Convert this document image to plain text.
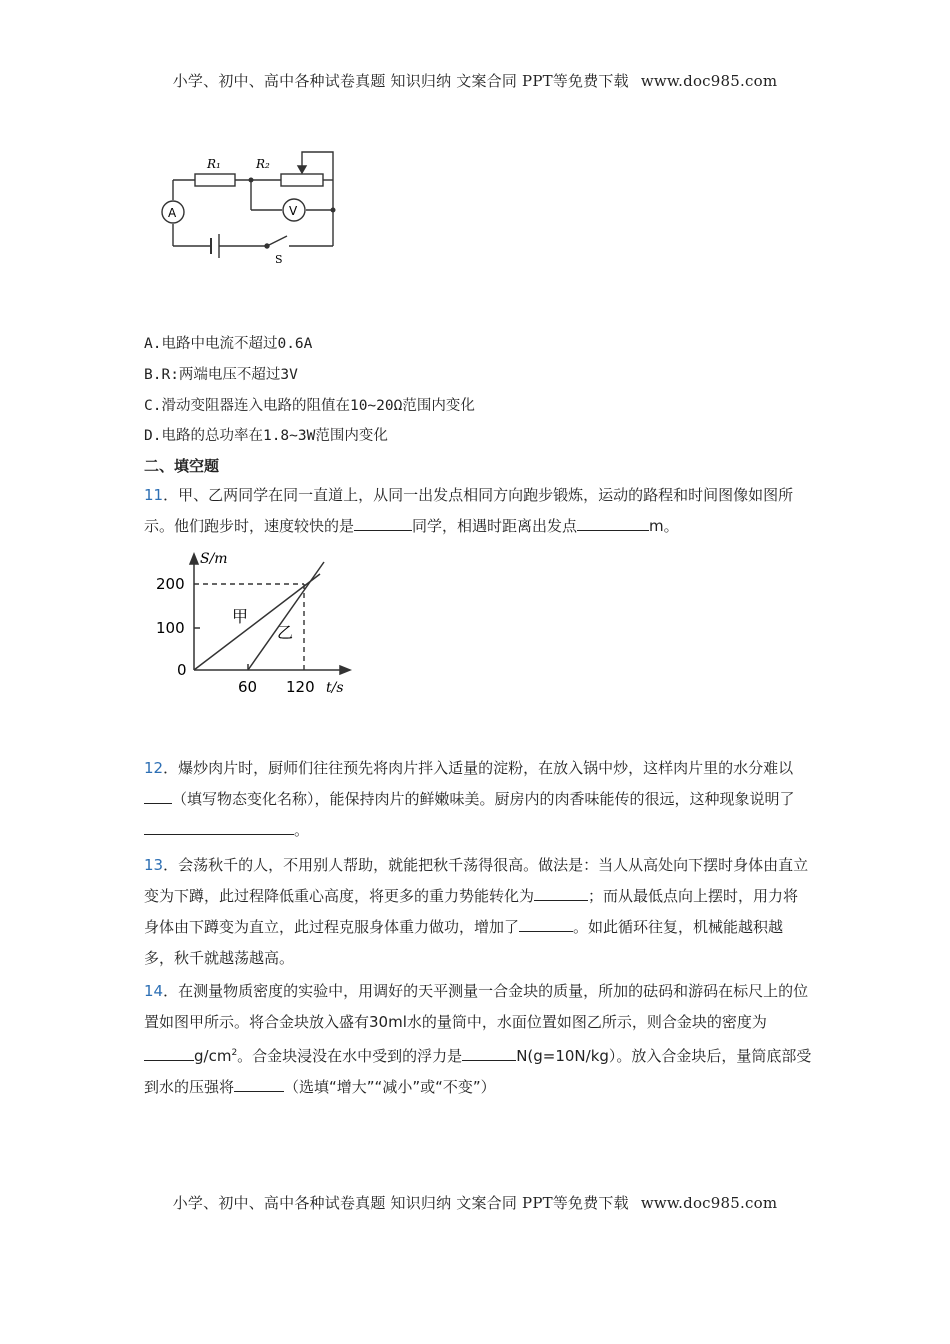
小学、初中、高中各种试卷真题 知识归纳 文案合同 PPT等免费下载 www.doc985.com
R₁	R₂
A	V
S
A.电路中电流不超过0.6A
B.R:两端电压不超过3V
C.滑动变阻器连入电路的阻值在10~20Ω范围内变化
D.电路的总功率在1.8~3W范围内变化
二、填空题
11．甲、乙两同学在同一直道上，从同一出发点相同方向跑步锻炼，运动的路程和时间图像如图所示。他们跑步时，速度较快的是	同学，相遇时距离出发点	m。
S/m
t/s
200
100
0
60 120
甲
乙
12．爆炒肉片时，厨师们往往预先将肉片拌入适量的淀粉，在放入锅中炒，这样肉片里的水分难以（填写物态变化名称），能保持肉片的鲜嫩味美。厨房内的肉香味能传的很远，这种现象说明了。
13．会荡秋千的人，不用别人帮助，就能把秋千荡得很高。做法是：当人从高处向下摆时身体由直立变为下蹲，此过程降低重心高度，将更多的重力势能转化为	；而从最低点向上摆时，用力将身体由下蹲变为直立，此过程克服身体重力做功，增加了	。如此循环往复，机械能越积越多，秋千就越荡越高。
14．在测量物质密度的实验中，用调好的天平测量一合金块的质量，所加的砝码和游码在标尺上的位置如图甲所示。将合金块放入盛有30ml水的量筒中，水面位置如图乙所示，则合金块的密度为$g/cm^2$。合金块浸没在水中受到的浮力是	N(g=10N/kg）。放入合金块后，量筒底部受到水的压强将	（选填“增大”“减小”或“不变”）
小学、初中、高中各种试卷真题 知识归纳 文案合同 PPT等免费下载 www.doc985.com
